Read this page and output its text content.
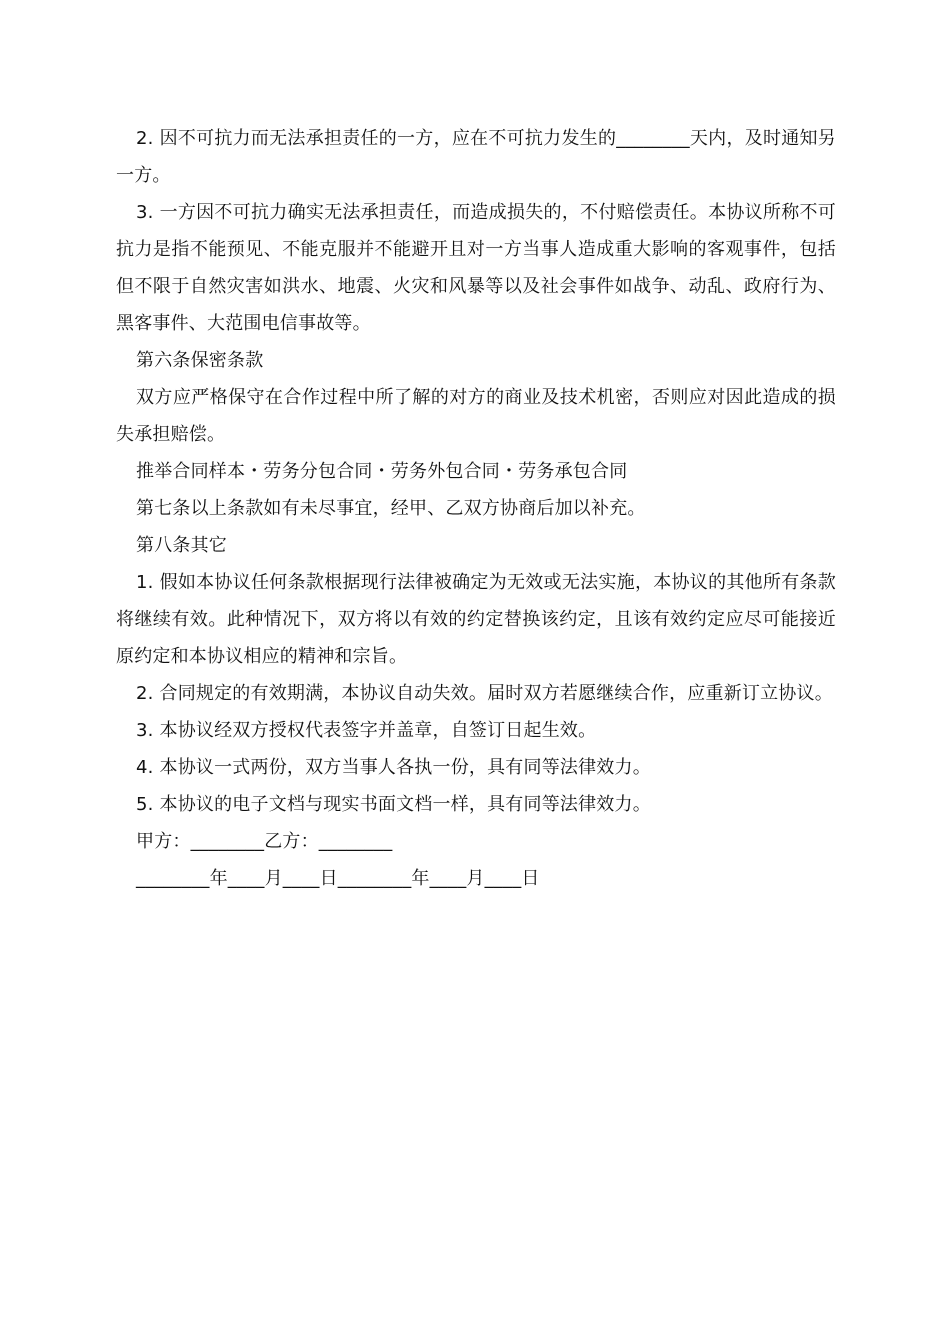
2. 因不可抗力而无法承担责任的一方，应在不可抗力发生的________天内，及时通知另一方。

3. 一方因不可抗力确实无法承担责任，而造成损失的，不付赔偿责任。本协议所称不可抗力是指不能预见、不能克服并不能避开且对一方当事人造成重大影响的客观事件，包括但不限于自然灾害如洪水、地震、火灾和风暴等以及社会事件如战争、动乱、政府行为、黑客事件、大范围电信事故等。

第六条保密条款

双方应严格保守在合作过程中所了解的对方的商业及技术机密，否则应对因此造成的损失承担赔偿。

推举合同样本・劳务分包合同・劳务外包合同・劳务承包合同

第七条以上条款如有未尽事宜，经甲、乙双方协商后加以补充。

第八条其它

1. 假如本协议任何条款根据现行法律被确定为无效或无法实施，本协议的其他所有条款将继续有效。此种情况下，双方将以有效的约定替换该约定，且该有效约定应尽可能接近原约定和本协议相应的精神和宗旨。

2. 合同规定的有效期满，本协议自动失效。届时双方若愿继续合作，应重新订立协议。

3. 本协议经双方授权代表签字并盖章，自签订日起生效。

4. 本协议一式两份，双方当事人各执一份，具有同等法律效力。

5. 本协议的电子文档与现实书面文档一样，具有同等法律效力。

甲方：________乙方：________

________年____月____日________年____月____日
